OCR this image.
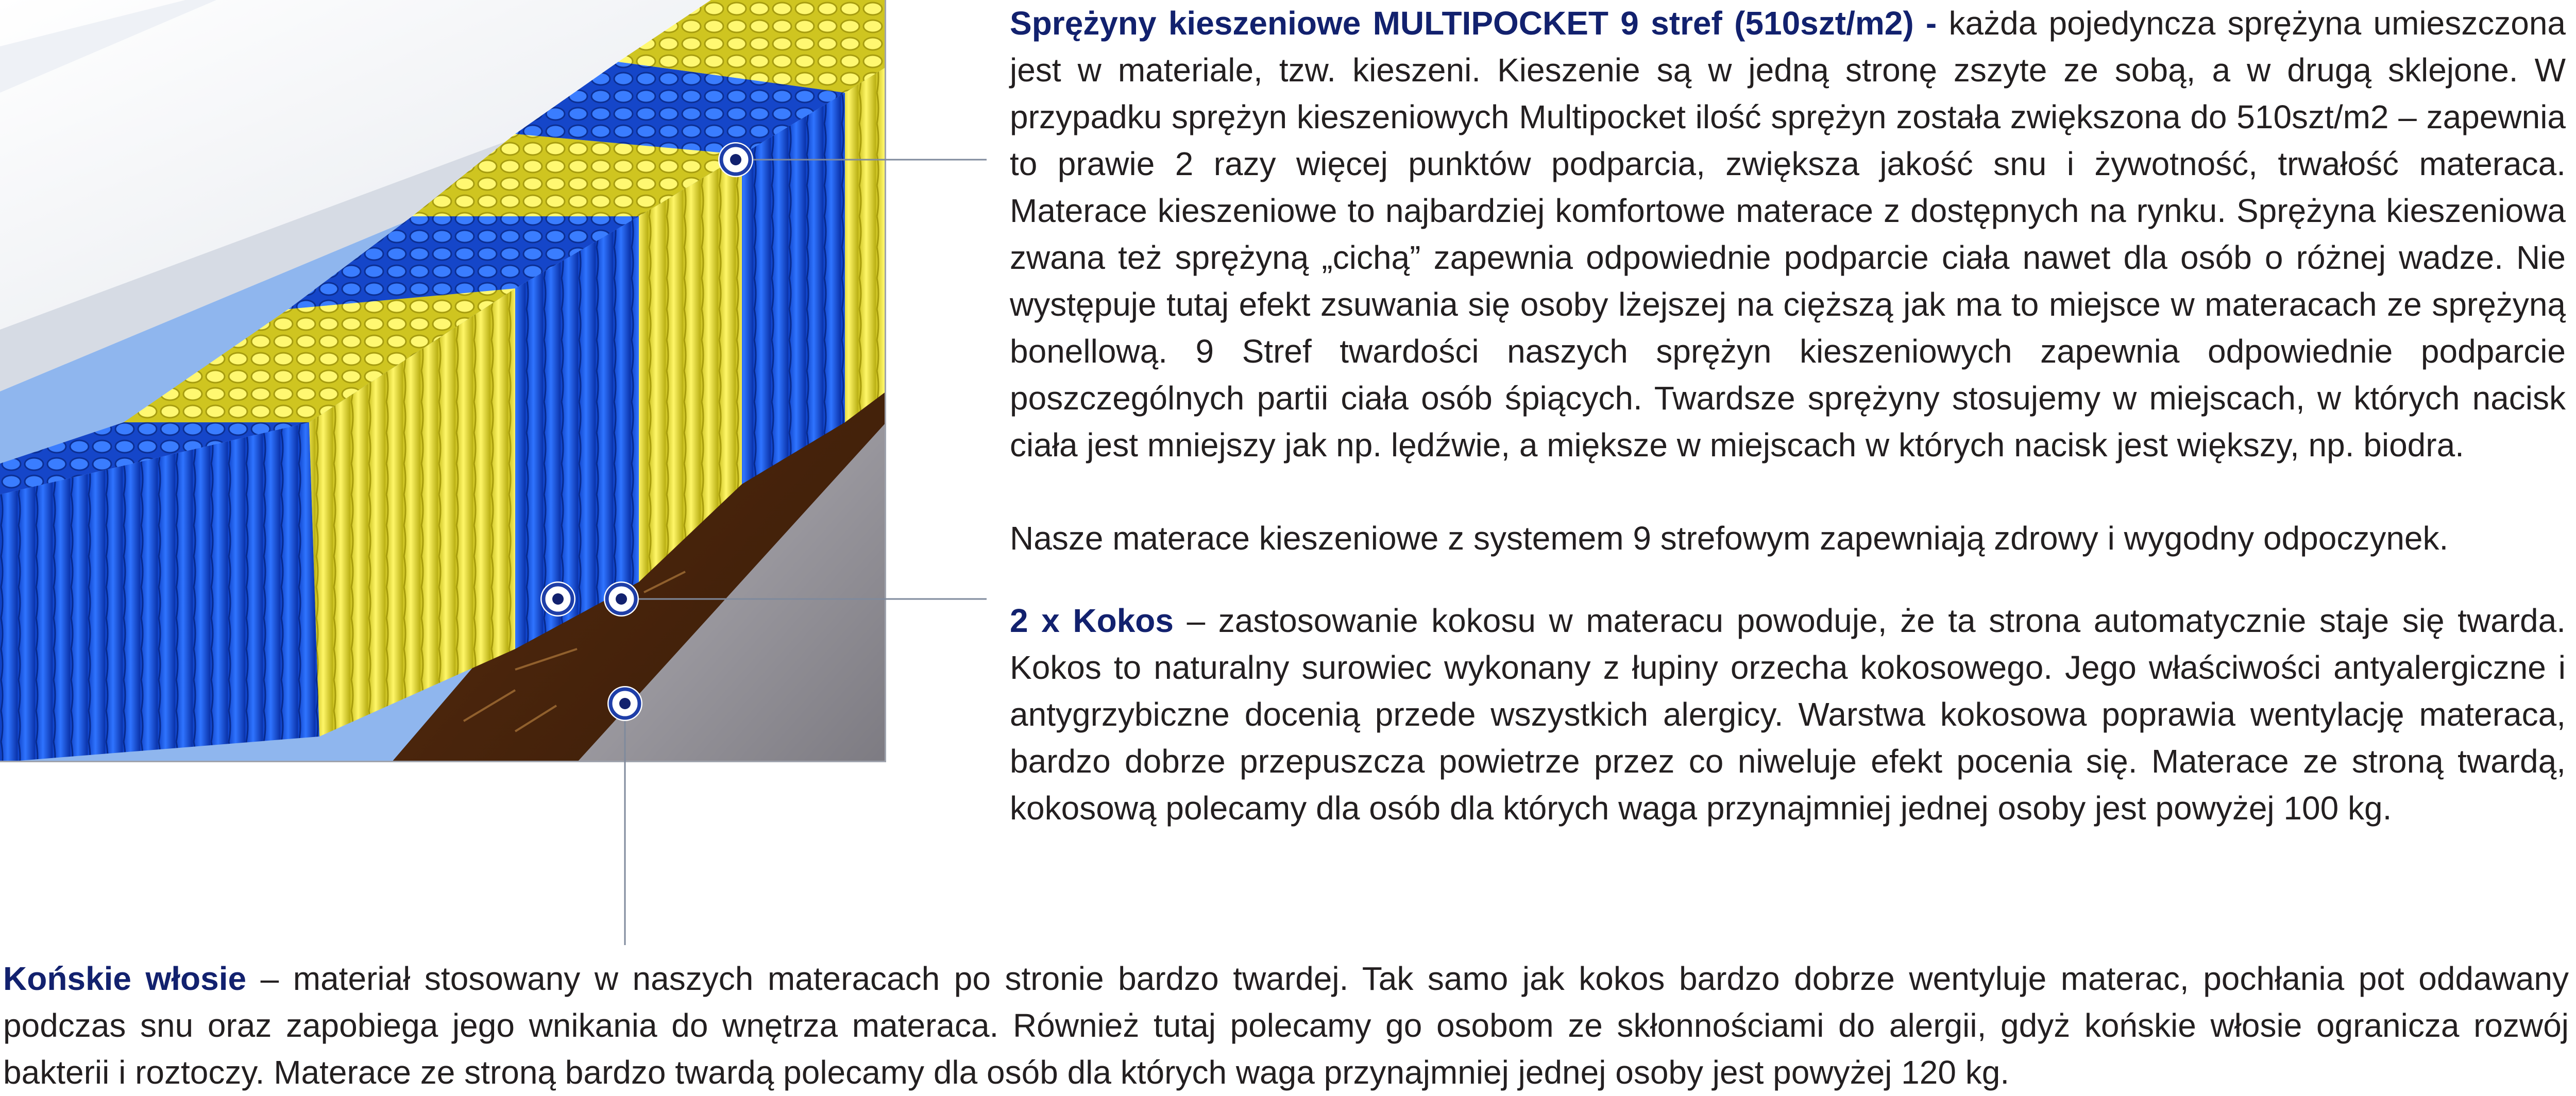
Sprężyny kieszeniowe MULTIPOCKET 9 stref (510szt/m2) - każda pojedyncza sprężyna umieszczona jest w materiale, tzw. kieszeni. Kieszenie są w jedną stronę zszyte ze sobą, a w drugą sklejone. W przypadku sprężyn kieszeniowych Multipocket ilość sprężyn została zwiększona do 510szt/m2 – zapewnia to prawie 2 razy więcej punktów podparcia, zwiększa jakość snu i żywotność, trwałość materaca. Materace kieszeniowe to najbardziej komfortowe materace z dostępnych na rynku. Sprężyna kieszeniowa zwana też sprężyną „cichą” zapewnia odpowiednie podparcie ciała nawet dla osób o różnej wadze. Nie występuje tutaj efekt zsuwania się osoby lżejszej na cięższą jak ma to miejsce w materacach ze sprężyną bonellową. 9 Stref twardości naszych sprężyn kieszeniowych zapewnia odpowiednie podparcie poszczególnych partii ciała osób śpiących. Twardsze sprężyny stosujemy w miejscach, w których nacisk ciała jest mniejszy jak np. lędźwie, a miększe w miejscach w których nacisk jest większy, np. biodra.

Nasze materace kieszeniowe z systemem 9 strefowym zapewniają zdrowy i wygodny odpoczynek.

2 x Kokos – zastosowanie kokosu w materacu powoduje, że ta strona automatycznie staje się twarda. Kokos to naturalny surowiec wykonany z łupiny orzecha kokosowego. Jego właściwości antyalergiczne i antygrzybiczne docenią przede wszystkich alergicy. Warstwa kokosowa poprawia wentylację materaca, bardzo dobrze przepuszcza powietrze przez co niweluje efekt pocenia się. Materace ze stroną twardą, kokosową polecamy dla osób dla których waga przynajmniej jednej osoby jest powyżej 100 kg.

Końskie włosie – materiał stosowany w naszych materacach po stronie bardzo twardej. Tak samo jak kokos bardzo dobrze wentyluje materac, pochłania pot oddawany podczas snu oraz zapobiega jego wnikania do wnętrza materaca. Również tutaj polecamy go osobom ze skłonnościami do alergii, gdyż końskie włosie ogranicza rozwój bakterii i roztoczy. Materace ze stroną bardzo twardą polecamy dla osób dla których waga przynajmniej jednej osoby jest powyżej 120 kg.
